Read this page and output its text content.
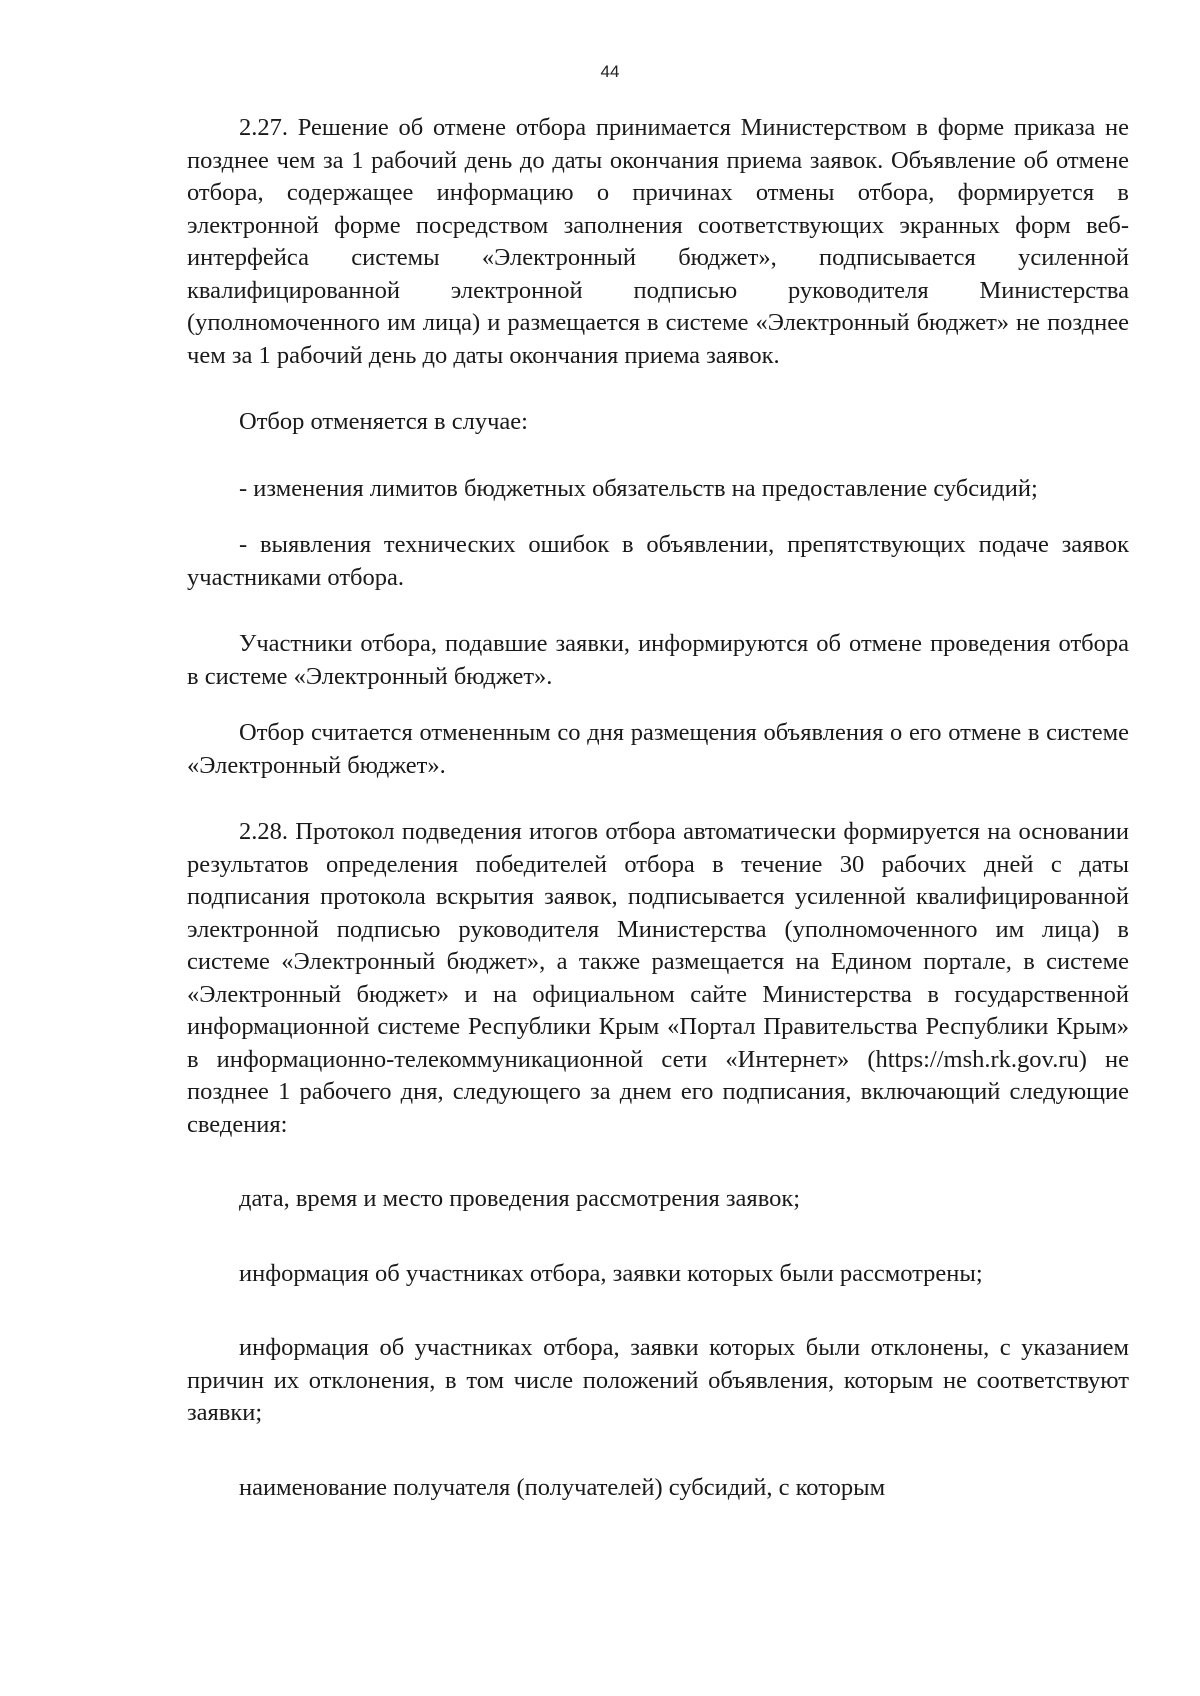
44

2.27. Решение об отмене отбора принимается Министерством в форме приказа не позднее чем за 1 рабочий день до даты окончания приема заявок. Объявление об отмене отбора, содержащее информацию о причинах отмены отбора, формируется в электронной форме посредством заполнения соответствующих экранных форм веб-интерфейса системы «Электронный бюджет», подписывается усиленной квалифицированной электронной подписью руководителя Министерства (уполномоченного им лица) и размещается в системе «Электронный бюджет» не позднее чем за 1 рабочий день до даты окончания приема заявок.

Отбор отменяется в случае:

- изменения лимитов бюджетных обязательств на предоставление субсидий;

- выявления технических ошибок в объявлении, препятствующих подаче заявок участниками отбора.

Участники отбора, подавшие заявки, информируются об отмене проведения отбора в системе «Электронный бюджет».

Отбор считается отмененным со дня размещения объявления о его отмене в системе «Электронный бюджет».

2.28. Протокол подведения итогов отбора автоматически формируется на основании результатов определения победителей отбора в течение 30 рабочих дней с даты подписания протокола вскрытия заявок, подписывается усиленной квалифицированной электронной подписью руководителя Министерства (уполномоченного им лица) в системе «Электронный бюджет», а также размещается на Едином портале, в системе «Электронный бюджет» и на официальном сайте Министерства в государственной информационной системе Республики Крым «Портал Правительства Республики Крым» в информационно-телекоммуникационной сети «Интернет» (https://msh.rk.gov.ru) не позднее 1 рабочего дня, следующего за днем его подписания, включающий следующие сведения:

дата, время и место проведения рассмотрения заявок;

информация об участниках отбора, заявки которых были рассмотрены;

информация об участниках отбора, заявки которых были отклонены, с указанием причин их отклонения, в том числе положений объявления, которым не соответствуют заявки;

наименование получателя (получателей) субсидий, с которым
